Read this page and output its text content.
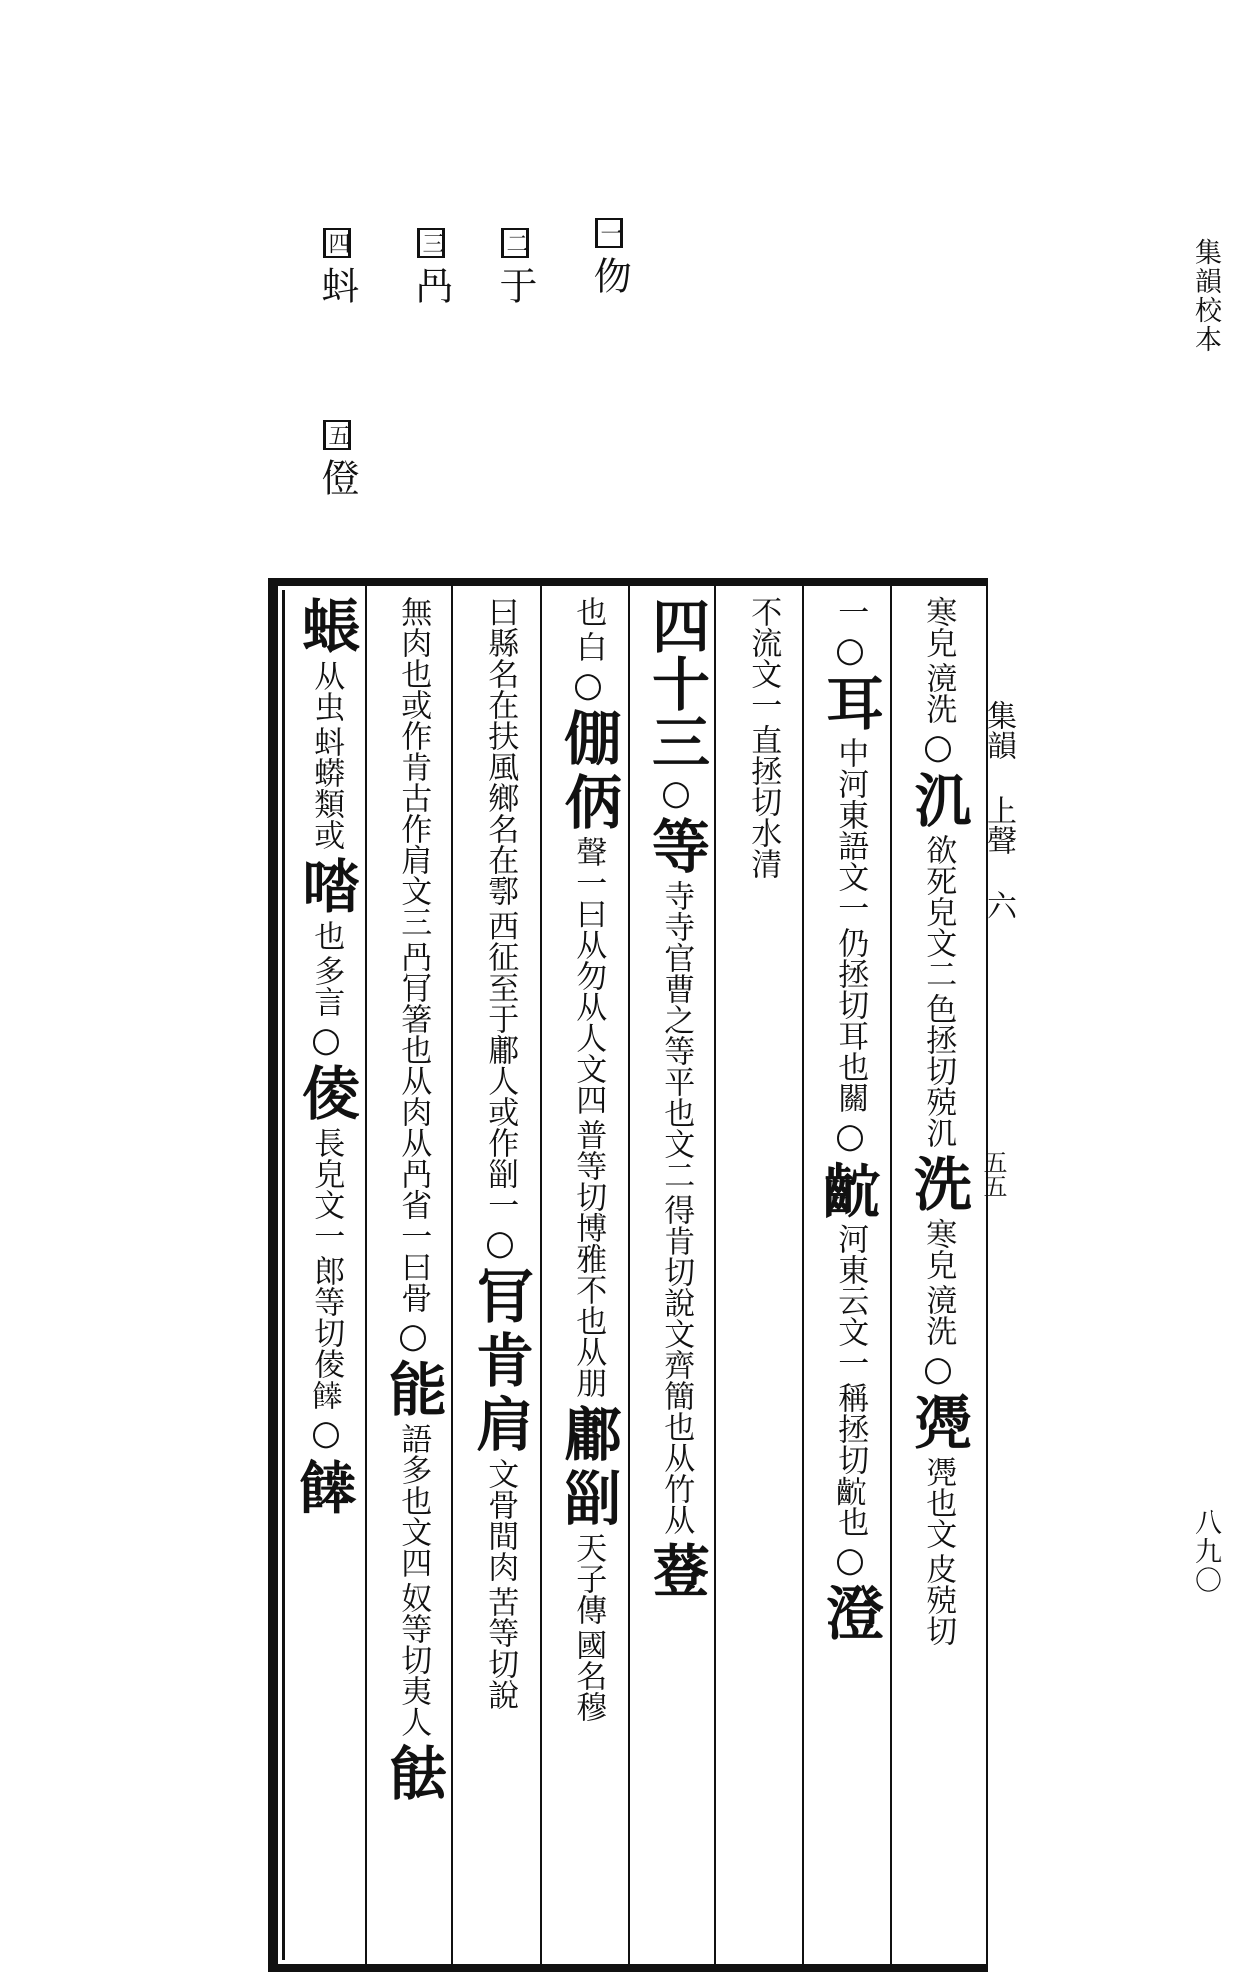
集韻校本
八九〇
一伆
二于
三冎
四蚪
五僜
滰洗
寒皃
○
㲹
色拯切殑㲹
欲死皃文二
洗
滰洗
寒皃
○
凴
皮殑切
凴也文
一
○
耳
仍拯切耳也關
中河東語文一
○
𪗴
稱拯切𪗴也
河東云文一
○
澄
直拯切水清
不流文一
四十三
○
等
得肯切說文齊簡也从竹从
寺寺官曹之等平也文二
䔲
白
也
○
倗
㑂
普等切博雅不也从朋
聲一曰从勿从人文四
鄘
㓯
國名穆
天子傳
西征至于鄘人或作㓯一
曰縣名在扶風鄉名在鄠
○
肎
肯
肩
苦等切說
文骨間肉
冎肎箸也从肉从冎省一曰骨
無肉也或作肯古作肩文三
○
能
奴等切夷人
語多也文四
䏻
䗅
蚪蟒類或
从虫
𠴲
多言
也
○
倰
郎等切倰𩞑
長皃文一
○
𩞑
集韻 上聲 六
五五
